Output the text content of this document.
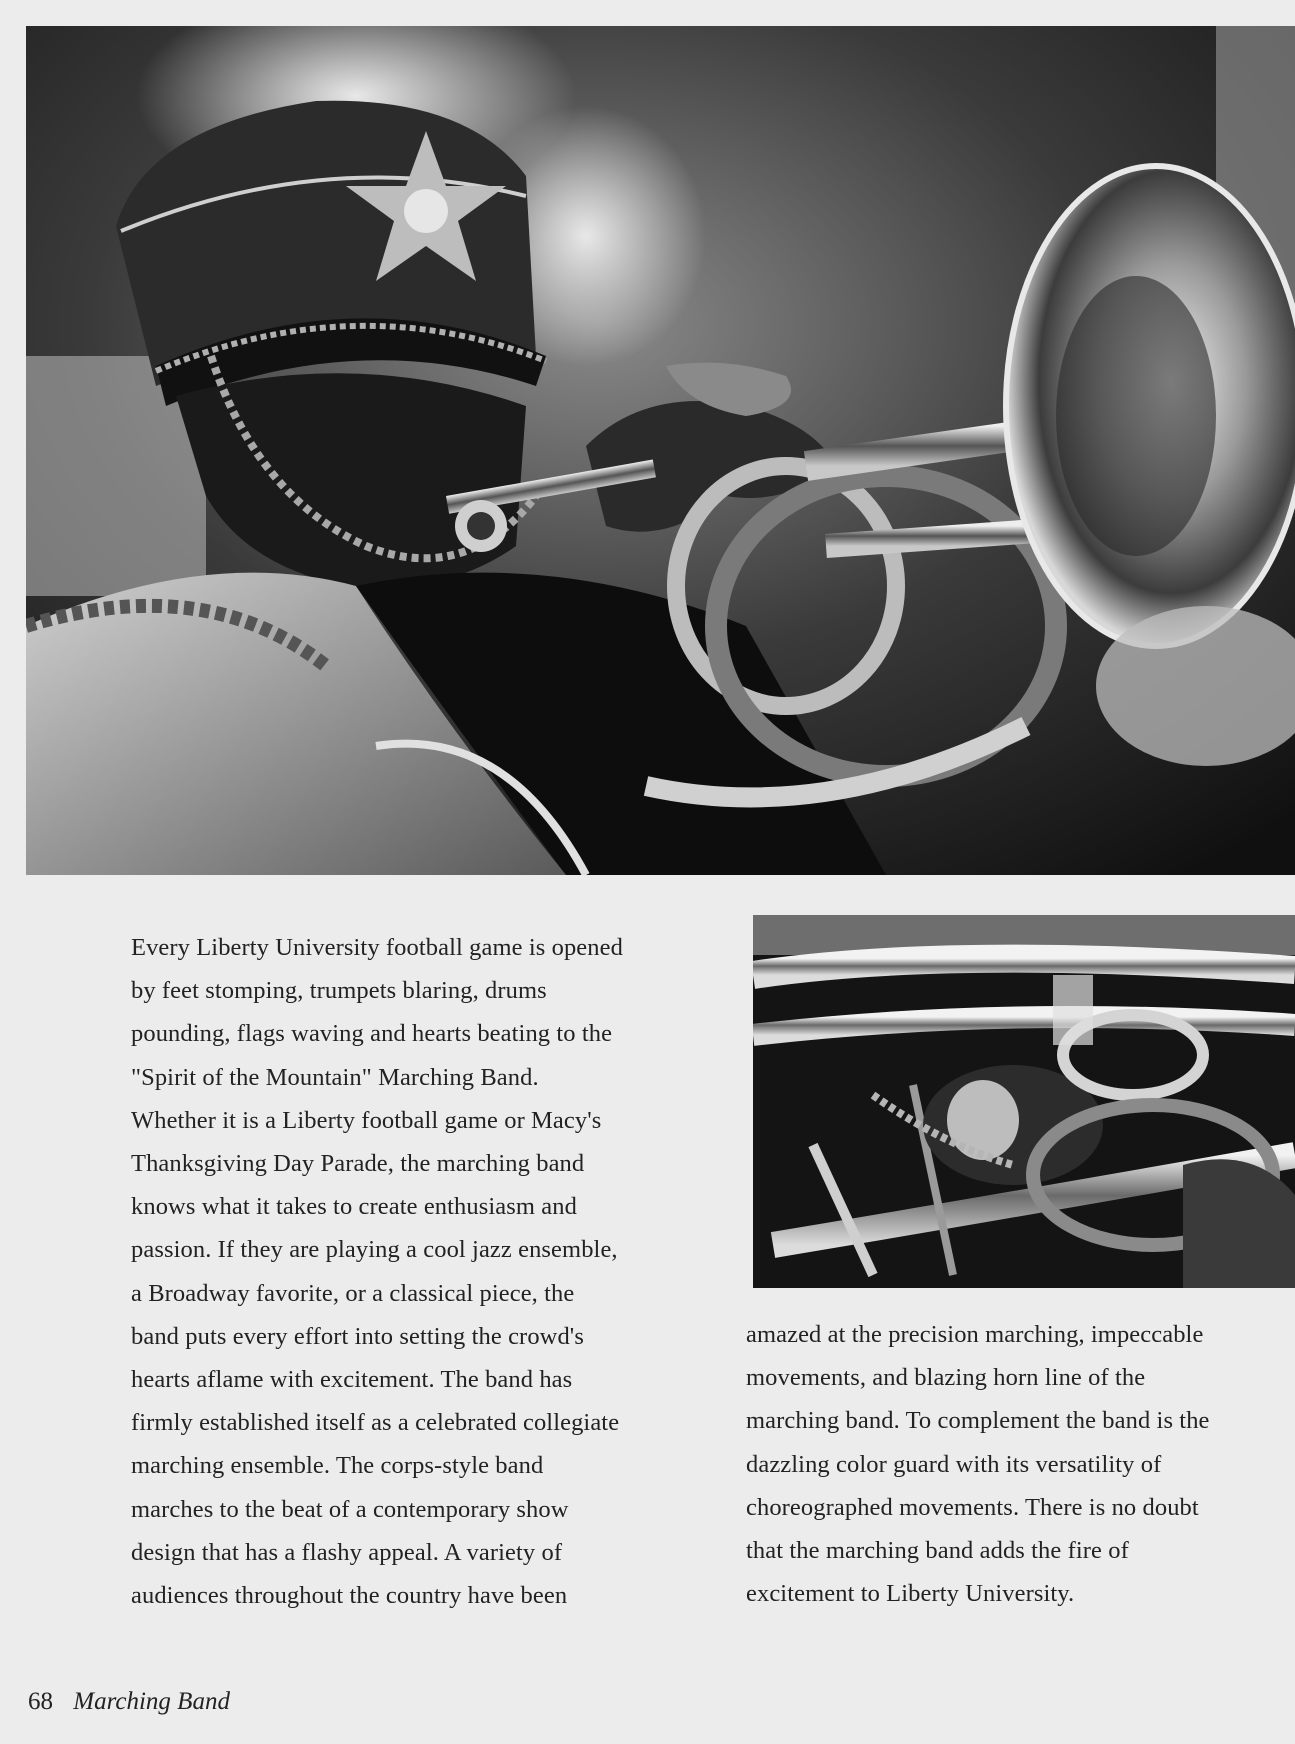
Every Liberty University football game is opened

by feet stomping, trumpets blaring, drums

pounding, flags waving and hearts beating to the

"Spirit of the Mountain" Marching Band.

Whether it is a Liberty football game or Macy's

Thanksgiving Day Parade, the marching band

knows what it takes to create enthusiasm and

passion. If they are playing a cool jazz ensemble,

a Broadway favorite, or a classical piece, the

band puts every effort into setting the crowd's

hearts aflame with excitement. The band has

firmly established itself as a celebrated collegiate

marching ensemble. The corps-style band

marches to the beat of a contemporary show

design that has a flashy appeal. A variety of

audiences throughout the country have been

amazed at the precision marching, impeccable

movements, and blazing horn line of the

marching band. To complement the band is the

dazzling color guard with its versatility of

choreographed movements. There is no doubt

that the marching band adds the fire of

excitement to Liberty University.

68 Marching Band
